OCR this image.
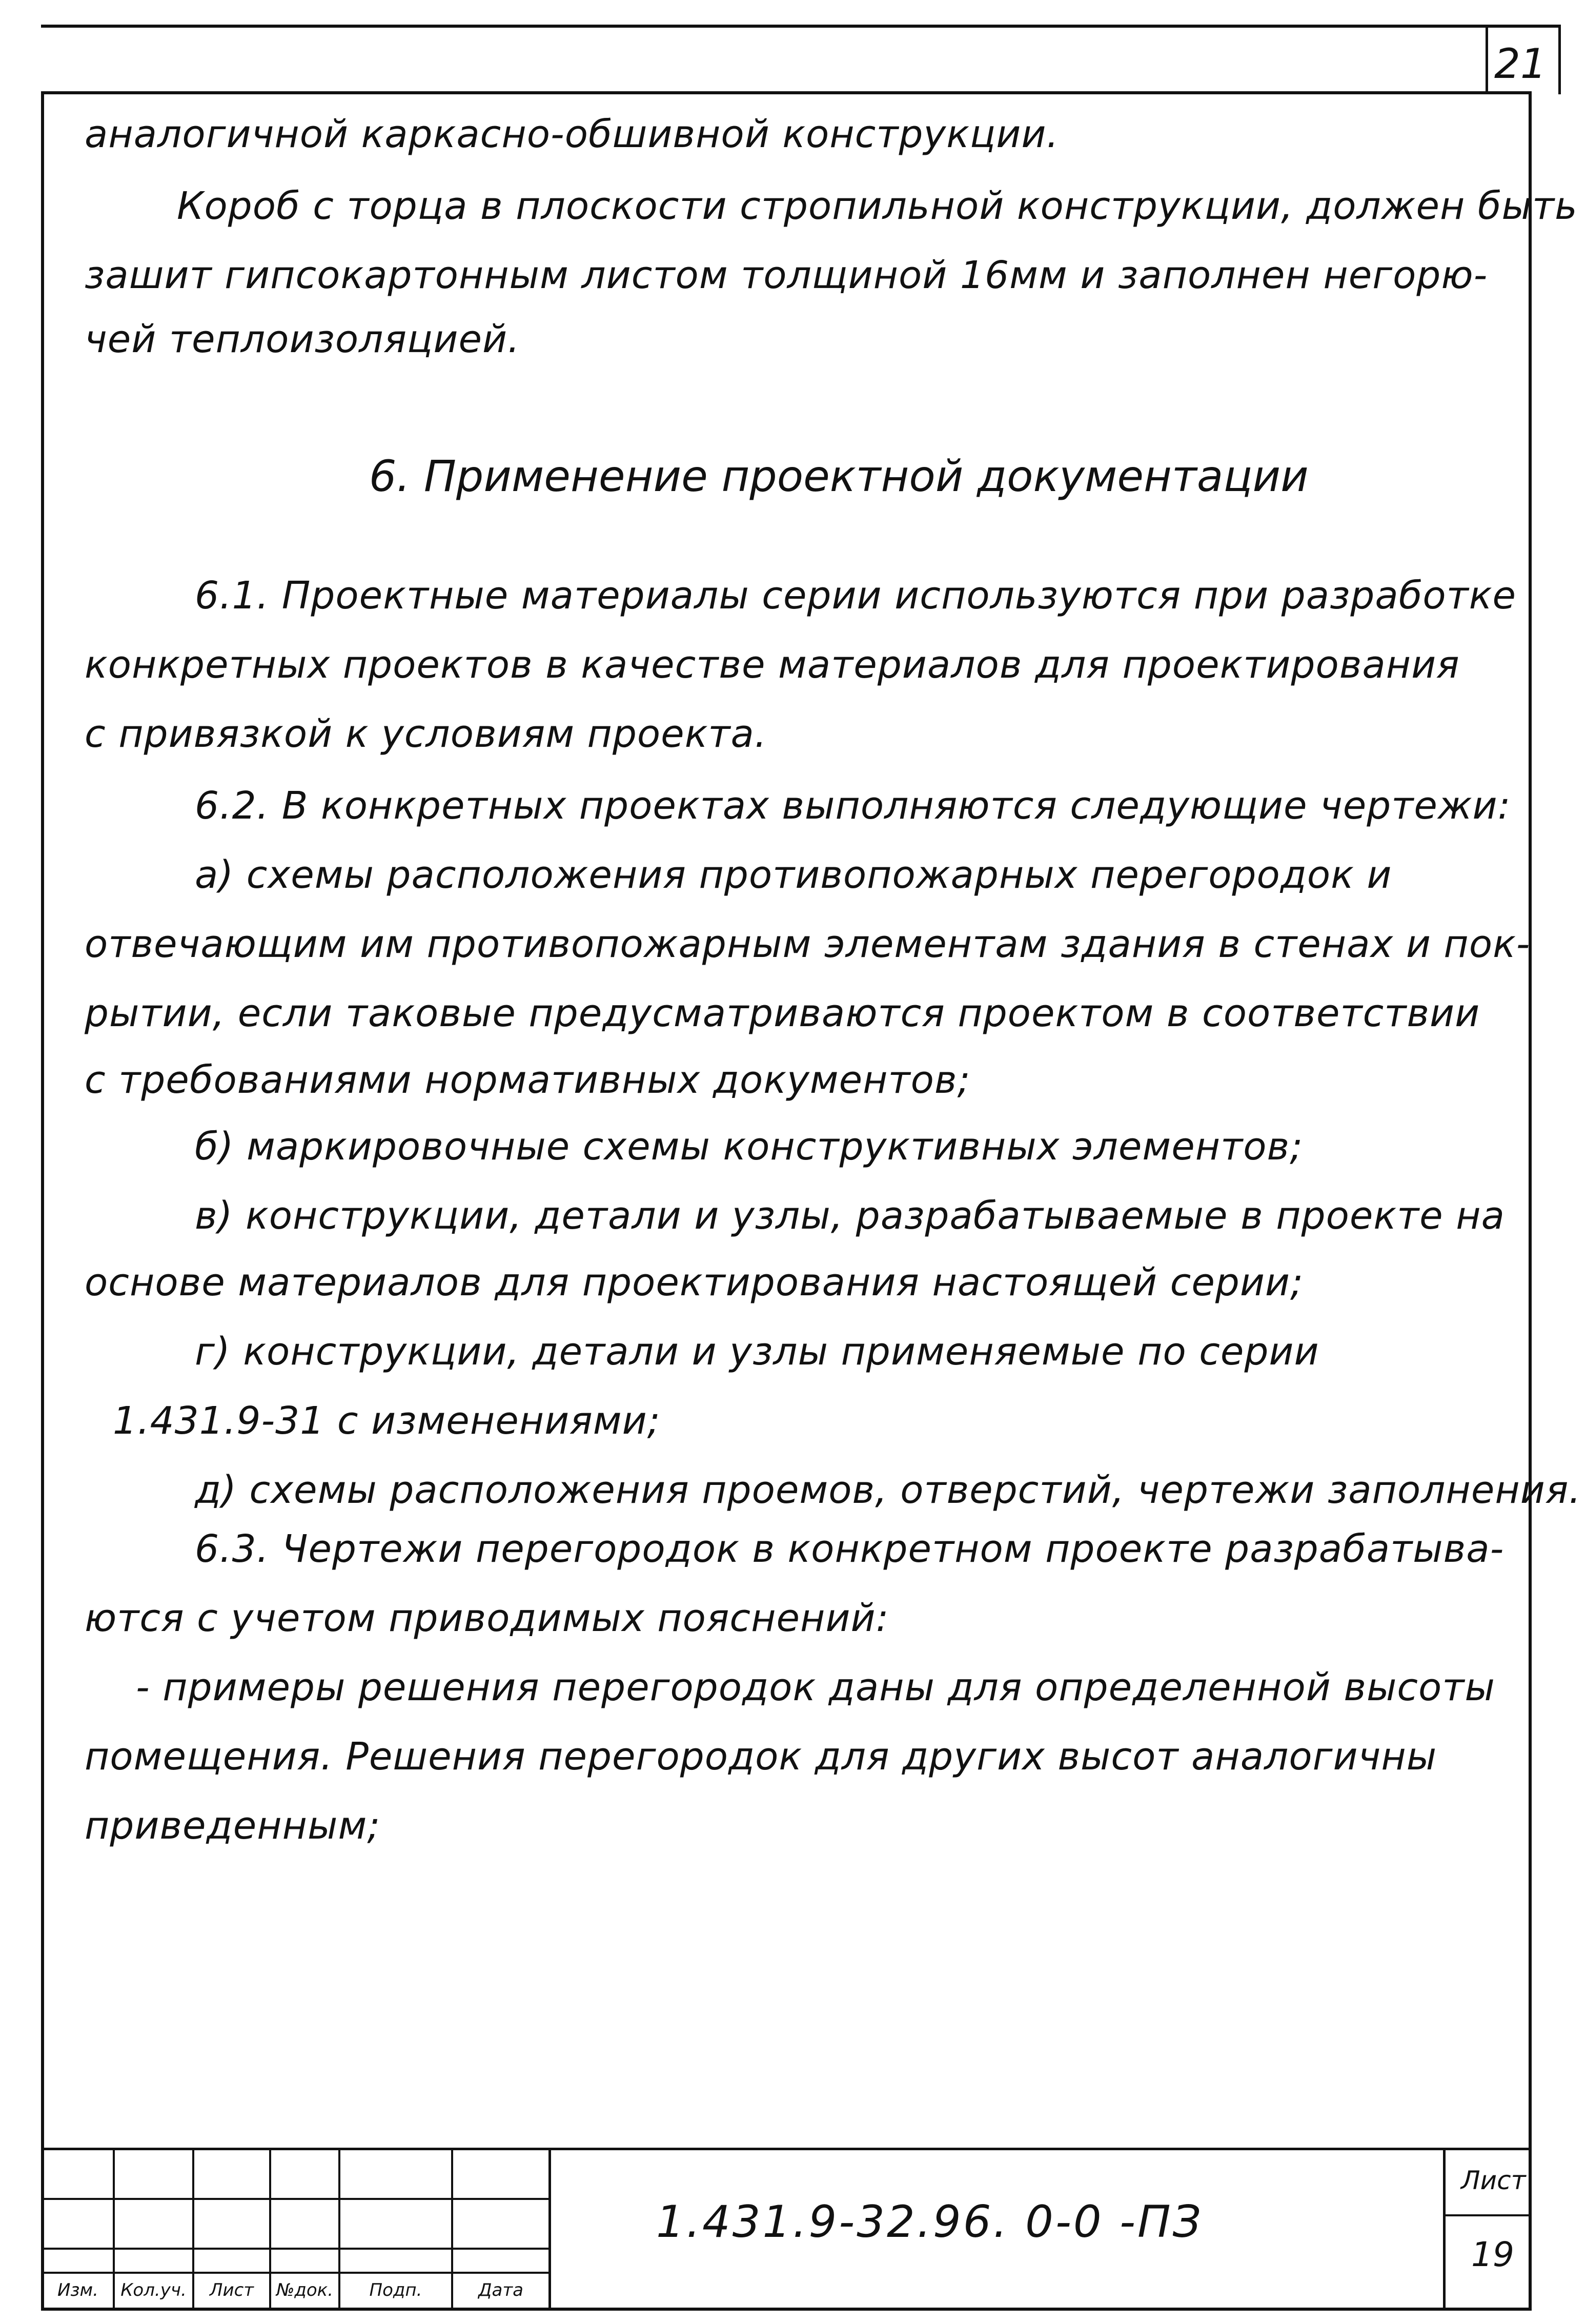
21
аналогичной каркасно-обшивной конструкции.
Короб с торца в плоскости стропильной конструкции, должен быть
зашит гипсокартонным листом толщиной 16мм и заполнен негорю-
чей теплоизоляцией.
6. Применение проектной документации
6.1. Проектные материалы серии используются при разработке
конкретных проектов в качестве материалов для проектирования
с привязкой к условиям проекта.
6.2. В конкретных проектах выполняются следующие чертежи:
а) схемы расположения противопожарных перегородок и
отвечающим им противопожарным элементам здания в стенах и пок-
рытии, если таковые предусматриваются проектом в соответствии
с требованиями нормативных документов;
б) маркировочные схемы конструктивных элементов;
в) конструкции, детали и узлы, разрабатываемые в проекте на
основе материалов для проектирования настоящей серии;
г) конструкции, детали и узлы применяемые по серии
1.431.9-31 с изменениями;
д) схемы расположения проемов, отверстий, чертежи заполнения.
6.3. Чертежи перегородок в конкретном проекте разрабатыва-
ются с учетом приводимых пояснений:
- примеры решения перегородок даны для определенной высоты
помещения. Решения перегородок для других высот аналогичны
приведенным;
Изм.	Кол.уч.	Лист	№док.	Подп.	Дата
1.431.9-32.96. 0-0 -ПЗ
Лист
19
